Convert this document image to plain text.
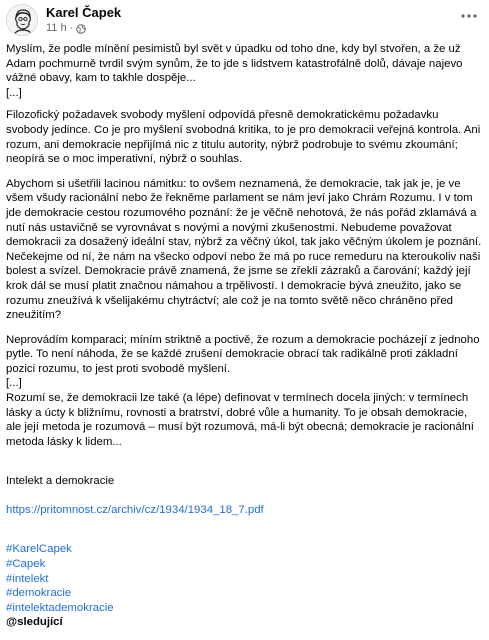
Karel Čapek
11 h ·

Myslím, že podle mínění pesimistů byl svět v úpadku od toho dne, kdy byl stvořen, a že už Adam pochmurně tvrdil svým synům, že to jde s lidstvem katastrofálně dolů, dávaje najevo vážné obavy, kam to takhle dospěje...
[...]

Filozofický požadavek svobody myšlení odpovídá přesně demokratickému požadavku svobody jedince. Co je pro myšlení svobodná kritika, to je pro demokracii veřejná kontrola. Ani rozum, ani demokracie nepřijímá nic z titulu autority, nýbrž podrobuje to svému zkoumání; neopírá se o moc imperativní, nýbrž o souhlas.

Abychom si ušetřili lacinou námitku: to ovšem neznamená, že demokracie, tak jak je, je ve všem všudy racionální nebo že řekněme parlament se nám jeví jako Chrám Rozumu. I v tom jde demokracie cestou rozumového poznání: že je věčně nehotová, že nás pořád zklamává a nutí nás ustavičně se vyrovnávat s novými a novými zkušenostmi. Nebudeme považovat demokracii za dosažený ideální stav, nýbrž za věčný úkol, tak jako věčným úkolem je poznání. Nečekejme od ní, že nám na všecko odpoví nebo že má po ruce remeduru na kteroukoliv naši bolest a svízel. Demokracie právě znamená, že jsme se zřekli zázraků a čarování; každý její krok dál se musí platit značnou námahou a trpělivostí. I demokracie bývá zneužito, jako se rozumu zneužívá k všelijakému chytráctví; ale což je na tomto světě něco chráněno před zneužitím?

Neprovádím komparaci; míním striktně a poctivě, že rozum a demokracie pocházejí z jednoho pytle. To není náhoda, že se každé zrušení demokracie obrací tak radikálně proti základní pozici rozumu, to jest proti svobodě myšlení.
[...]
Rozumí se, že demokracii lze také (a lépe) definovat v termínech docela jiných: v termínech lásky a úcty k bližnímu, rovnosti a bratrství, dobré vůle a humanity. To je obsah demokracie, ale její metoda je rozumová – musí být rozumová, má-li být obecná; demokracie je racionální metoda lásky k lidem...

Intelekt a demokracie

https://pritomnost.cz/archiv/cz/1934/1934_18_7.pdf

#KarelCapek
#Capek
#intelekt
#demokracie
#intelektademokracie
@sledující
